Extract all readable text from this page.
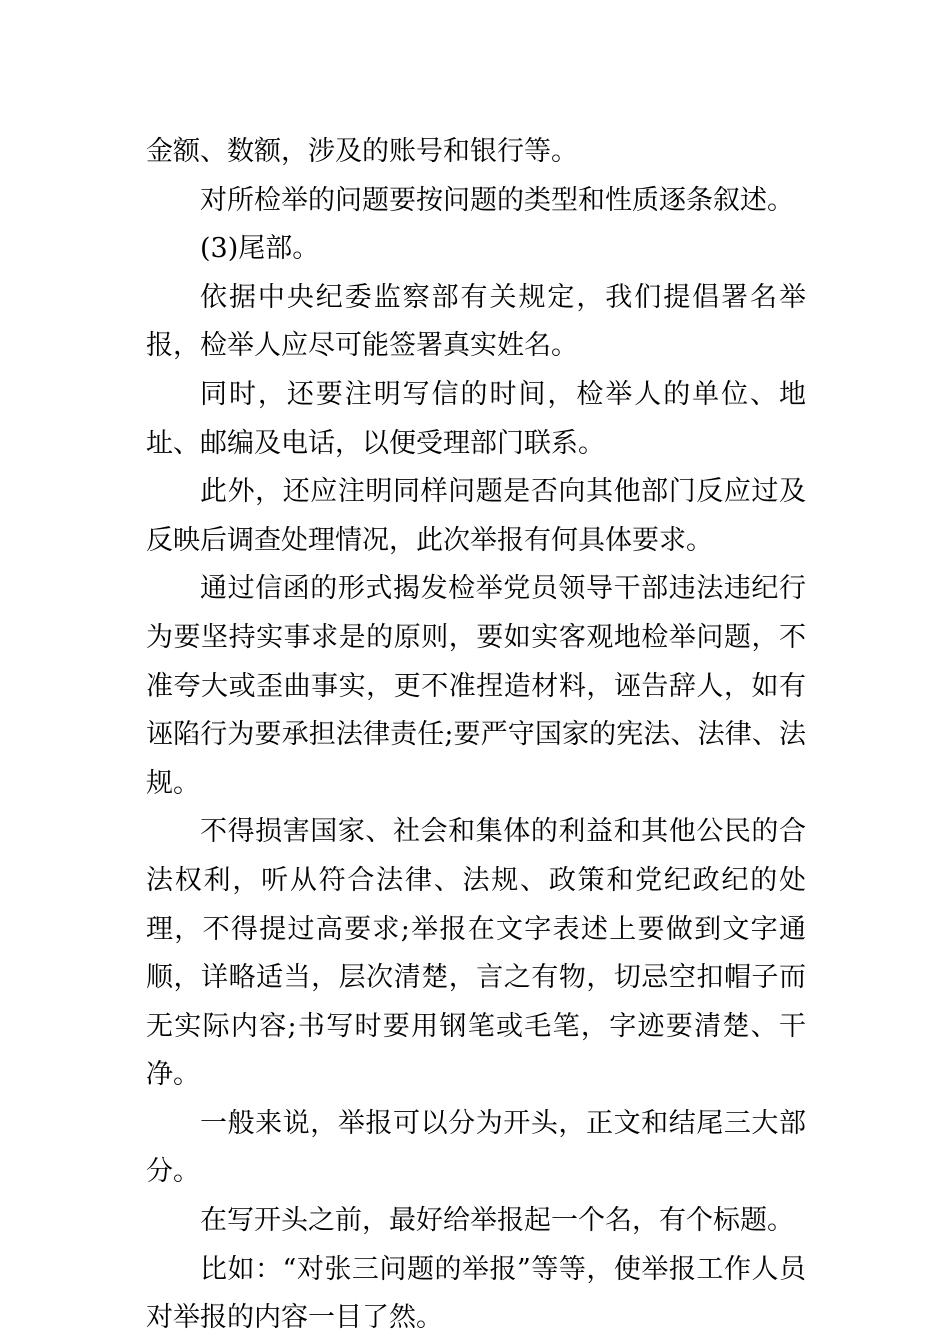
金额、数额，涉及的账号和银行等。

对所检举的问题要按问题的类型和性质逐条叙述。

(3)尾部。

依据中央纪委监察部有关规定，我们提倡署名举报，检举人应尽可能签署真实姓名。

同时，还要注明写信的时间，检举人的单位、地址、邮编及电话，以便受理部门联系。

此外，还应注明同样问题是否向其他部门反应过及反映后调查处理情况，此次举报有何具体要求。

通过信函的形式揭发检举党员领导干部违法违纪行为要坚持实事求是的原则，要如实客观地检举问题，不准夸大或歪曲事实，更不准捏造材料，诬告辞人，如有诬陷行为要承担法律责任;要严守国家的宪法、法律、法规。

不得损害国家、社会和集体的利益和其他公民的合法权利，听从符合法律、法规、政策和党纪政纪的处理，不得提过高要求;举报在文字表述上要做到文字通顺，详略适当，层次清楚，言之有物，切忌空扣帽子而无实际内容;书写时要用钢笔或毛笔，字迹要清楚、干净。

一般来说，举报可以分为开头，正文和结尾三大部分。

在写开头之前，最好给举报起一个名，有个标题。

比如：“对张三问题的举报”等等，使举报工作人员对举报的内容一目了然。
